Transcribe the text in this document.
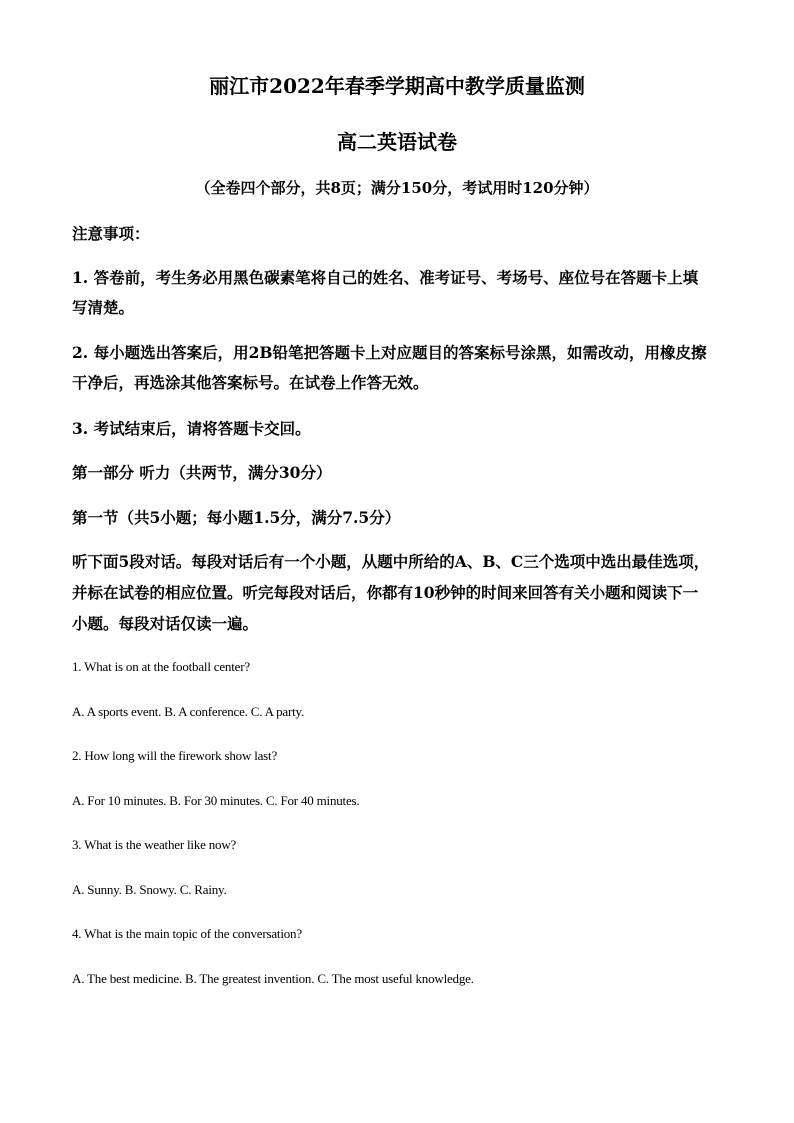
丽江市2022年春季学期高中教学质量监测
高二英语试卷
（全卷四个部分，共8页；满分150分，考试用时120分钟）
注意事项：
1. 答卷前，考生务必用黑色碳素笔将自己的姓名、准考证号、考场号、座位号在答题卡上填
写清楚。
2. 每小题选出答案后，用2B铅笔把答题卡上对应题目的答案标号涂黑，如需改动，用橡皮擦
干净后，再选涂其他答案标号。在试卷上作答无效。
3. 考试结束后，请将答题卡交回。
第一部分 听力（共两节，满分30分）
第一节（共5小题；每小题1.5分，满分7.5分）
听下面5段对话。每段对话后有一个小题，从题中所给的A、B、C三个选项中选出最佳选项，
并标在试卷的相应位置。听完每段对话后，你都有10秒钟的时间来回答有关小题和阅读下一
小题。每段对话仅读一遍。
1. What is on at the football center?
A. A sports event. B. A conference. C. A party.
2. How long will the firework show last?
A. For 10 minutes. B. For 30 minutes. C. For 40 minutes.
3. What is the weather like now?
A. Sunny. B. Snowy. C. Rainy.
4. What is the main topic of the conversation?
A. The best medicine. B. The greatest invention. C. The most useful knowledge.
